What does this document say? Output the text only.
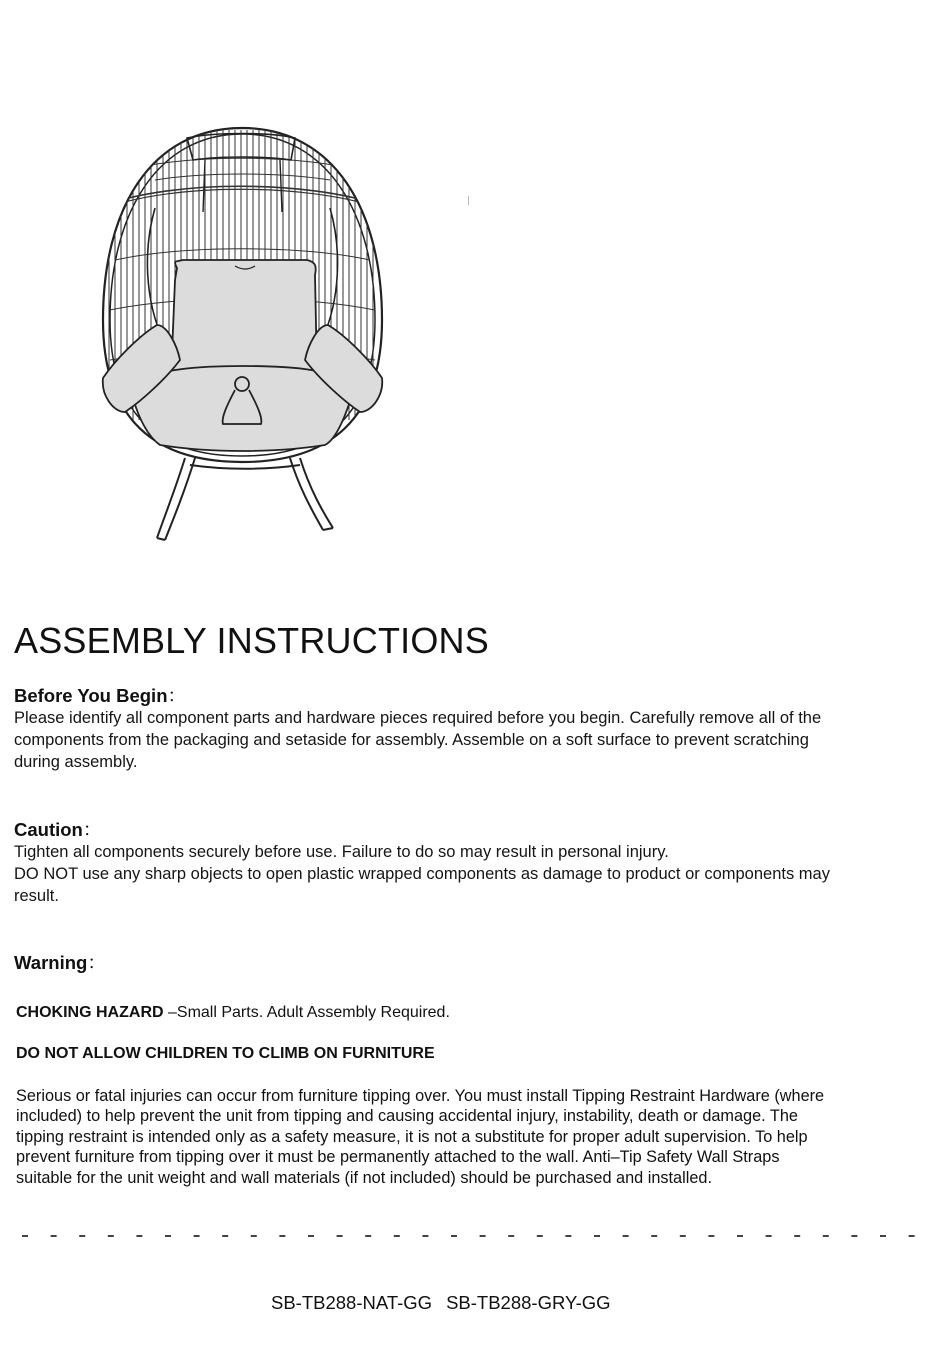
ASSEMBLY INSTRUCTIONS
Before You Begin：

Please identify all component parts and hardware pieces required before you begin. Carefully remove all of the
components from the packaging and setaside for assembly. Assemble on a soft surface to prevent scratching
during assembly.

Caution：

Tighten all components securely before use. Failure to do so may result in personal injury.
DO NOT use any sharp objects to open plastic wrapped components as damage to product or components may
result.

Warning：

CHOKING HAZARD –Small Parts. Adult Assembly Required.

DO NOT ALLOW CHILDREN TO CLIMB ON FURNITURE

Serious or fatal injuries can occur from furniture tipping over. You must install Tipping Restraint Hardware (where
included) to help prevent the unit from tipping and causing accidental injury, instability, death or damage. The
tipping restraint is intended only as a safety measure, it is not a substitute for proper adult supervision. To help
prevent furniture from tipping over it must be permanently attached to the wall. Anti–Tip Safety Wall Straps
suitable for the unit weight and wall materials (if not included) should be purchased and installed.

SB-TB288-NAT-GG SB-TB288-GRY-GG
